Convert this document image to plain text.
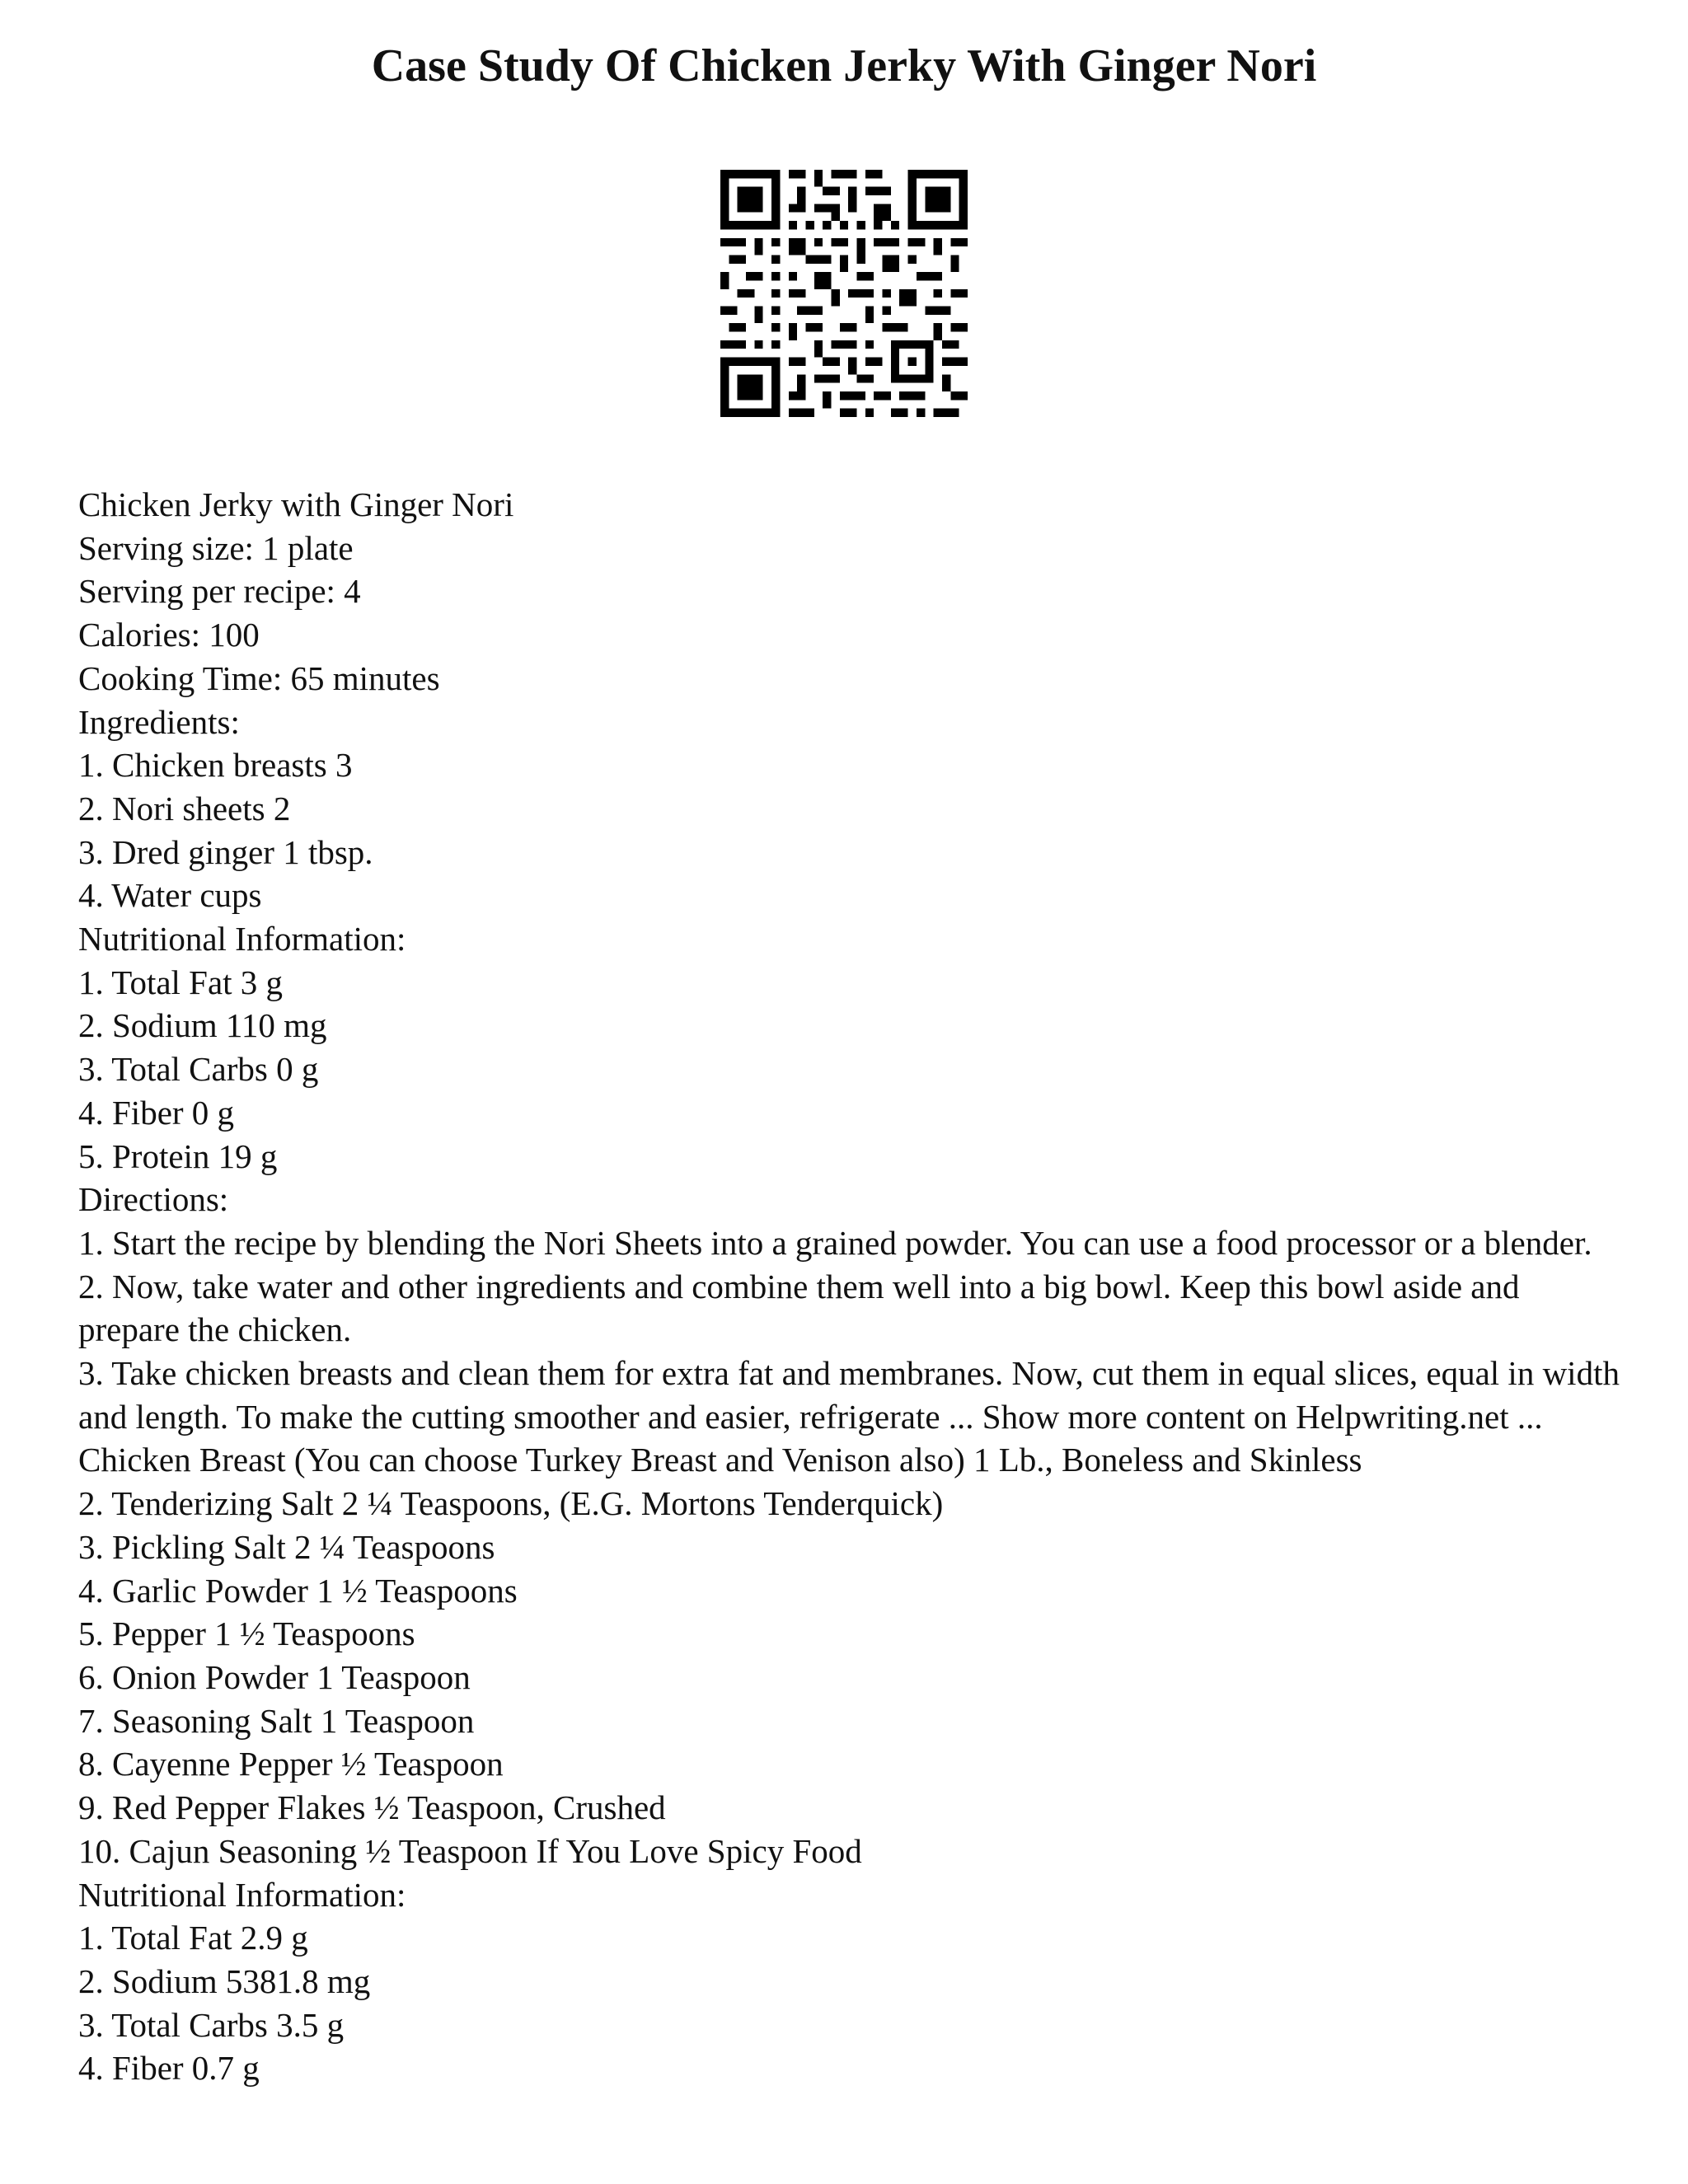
Case Study Of Chicken Jerky With Ginger Nori
Chicken Jerky with Ginger Nori
Serving size: 1 plate
Serving per recipe: 4
Calories: 100
Cooking Time: 65 minutes
Ingredients:
1. Chicken breasts 3
2. Nori sheets 2
3. Dred ginger 1 tbsp.
4. Water cups
Nutritional Information:
1. Total Fat 3 g
2. Sodium 110 mg
3. Total Carbs 0 g
4. Fiber 0 g
5. Protein 19 g
Directions:
1. Start the recipe by blending the Nori Sheets into a grained powder. You can use a food processor or a blender.
2. Now, take water and other ingredients and combine them well into a big bowl. Keep this bowl aside and prepare the chicken.
3. Take chicken breasts and clean them for extra fat and membranes. Now, cut them in equal slices, equal in width and length. To make the cutting smoother and easier, refrigerate ... Show more content on Helpwriting.net ...
Chicken Breast (You can choose Turkey Breast and Venison also) 1 Lb., Boneless and Skinless
2. Tenderizing Salt 2 ¼ Teaspoons, (E.G. Mortons Tenderquick)
3. Pickling Salt 2 ¼ Teaspoons
4. Garlic Powder 1 ½ Teaspoons
5. Pepper 1 ½ Teaspoons
6. Onion Powder 1 Teaspoon
7. Seasoning Salt 1 Teaspoon
8. Cayenne Pepper ½ Teaspoon
9. Red Pepper Flakes ½ Teaspoon, Crushed
10. Cajun Seasoning ½ Teaspoon If You Love Spicy Food
Nutritional Information:
1. Total Fat 2.9 g
2. Sodium 5381.8 mg
3. Total Carbs 3.5 g
4. Fiber 0.7 g
